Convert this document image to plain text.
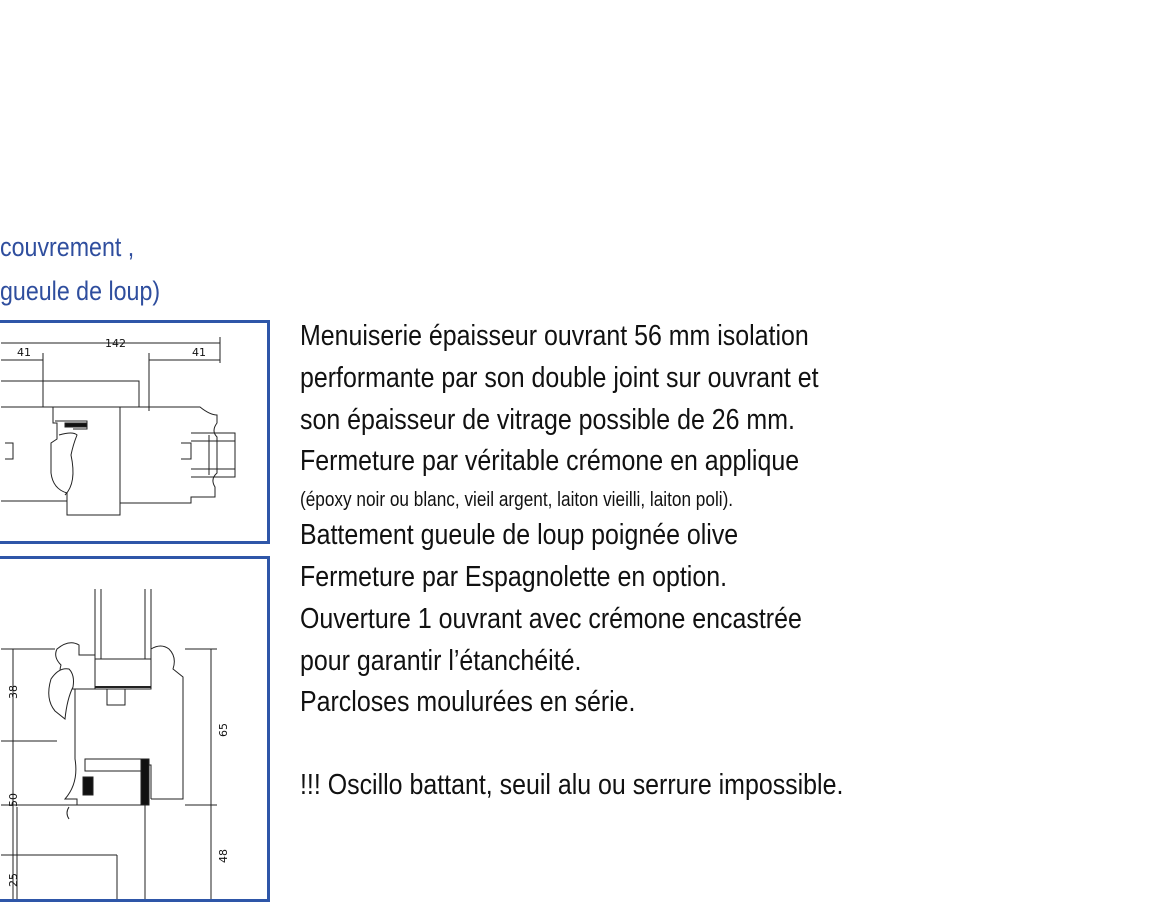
couvrement ,
gueule de loup)
41
142
41
38
50
25
65
48
Menuiserie épaisseur ouvrant 56 mm isolation
performante par son double joint sur ouvrant et
son épaisseur de vitrage possible de 26 mm.
Fermeture par véritable crémone en applique
(époxy noir ou blanc, vieil argent, laiton vieilli, laiton poli).
Battement gueule de loup poignée olive
Fermeture par Espagnolette en option.
Ouverture 1 ouvrant avec crémone encastrée
pour garantir l’étanchéité.
Parcloses moulurées en série.
!!! Oscillo battant, seuil alu ou serrure impossible.
